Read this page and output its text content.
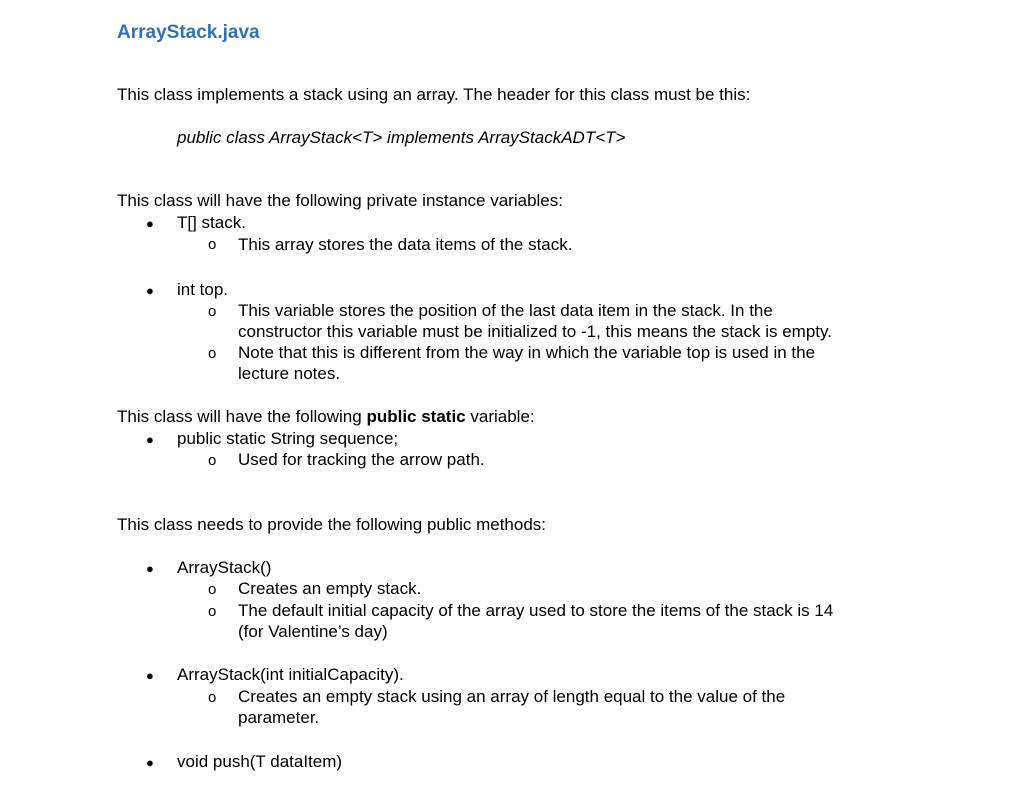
ArrayStack.java

This class implements a stack using an array. The header for this class must be this:

public class ArrayStack<T> implements ArrayStackADT<T>

This class will have the following private instance variables:

● T[] stack.

o This array stores the data items of the stack.

● int top.

o This variable stores the position of the last data item in the stack. In the

constructor this variable must be initialized to -1, this means the stack is empty.

o Note that this is different from the way in which the variable top is used in the

lecture notes.

This class will have the following public static variable:

● public static String sequence;

o Used for tracking the arrow path.

This class needs to provide the following public methods:

● ArrayStack()

o Creates an empty stack.

o The default initial capacity of the array used to store the items of the stack is 14

(for Valentine’s day)

● ArrayStack(int initialCapacity).

o Creates an empty stack using an array of length equal to the value of the

parameter.

● void push(T dataItem)
